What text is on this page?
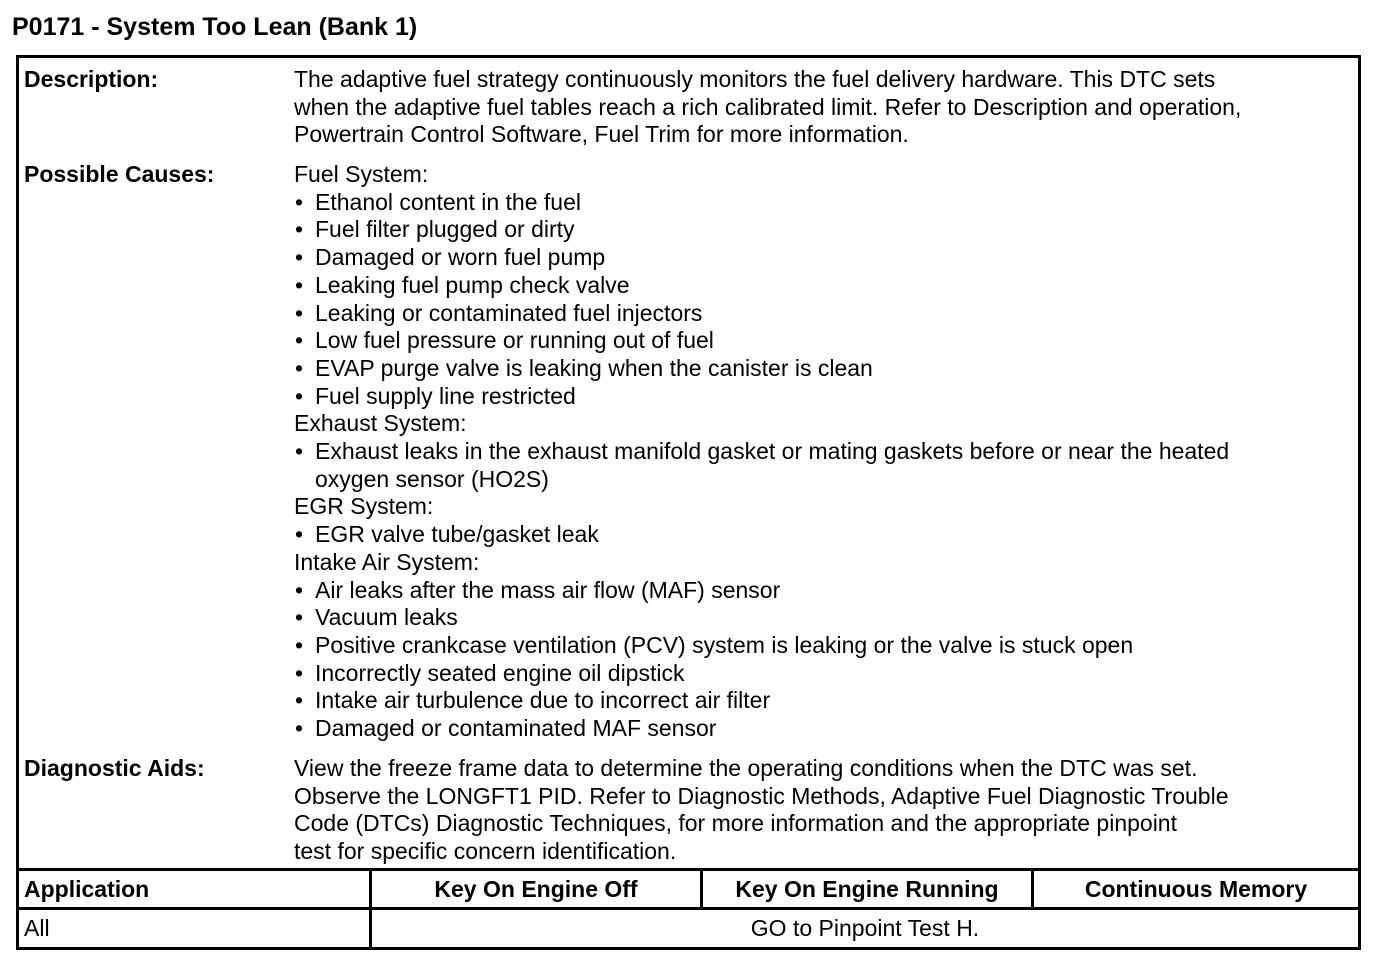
P0171 - System Too Lean (Bank 1)
Description:	The adaptive fuel strategy continuously monitors the fuel delivery hardware. This DTC sets

when the adaptive fuel tables reach a rich calibrated limit. Refer to Description and operation,

Powertrain Control Software, Fuel Trim for more information.

Possible Causes:	Fuel System:
• Ethanol content in the fuel
• Fuel filter plugged or dirty
• Damaged or worn fuel pump
• Leaking fuel pump check valve
• Leaking or contaminated fuel injectors
• Low fuel pressure or running out of fuel
• EVAP purge valve is leaking when the canister is clean
• Fuel supply line restricted
Exhaust System:
• Exhaust leaks in the exhaust manifold gasket or mating gaskets before or near the heated
oxygen sensor (HO2S)
EGR System:
• EGR valve tube/gasket leak
Intake Air System:
• Air leaks after the mass air flow (MAF) sensor
• Vacuum leaks
• Positive crankcase ventilation (PCV) system is leaking or the valve is stuck open
• Incorrectly seated engine oil dipstick
• Intake air turbulence due to incorrect air filter
• Damaged or contaminated MAF sensor
Diagnostic Aids:	View the freeze frame data to determine the operating conditions when the DTC was set.

Observe the LONGFT1 PID. Refer to Diagnostic Methods, Adaptive Fuel Diagnostic Trouble

Code (DTCs) Diagnostic Techniques, for more information and the appropriate pinpoint

test for specific concern identification.

Application	Key On Engine Off	Key On Engine Running	Continuous Memory
All	GO to Pinpoint Test H.
